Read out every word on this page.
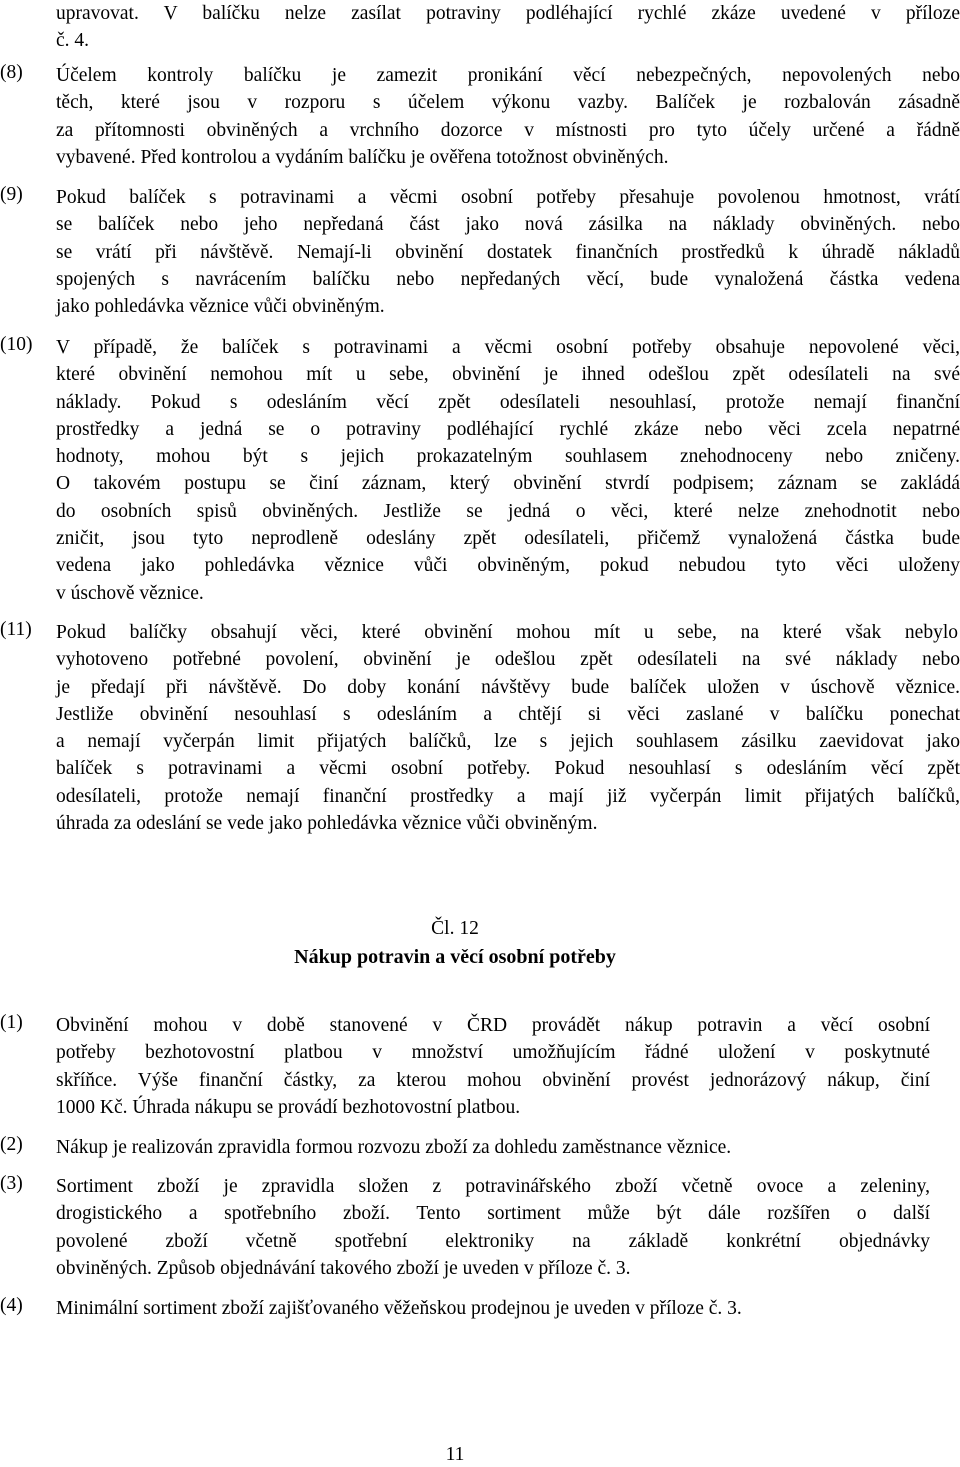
upravovat. V balíčku nelze zasílat potraviny podléhající rychlé zkáze uvedené v příloze
č. 4.
(8) Účelem kontroly balíčku je zamezit pronikání věcí nebezpečných, nepovolených nebo
těch, které jsou v rozporu s účelem výkonu vazby. Balíček je rozbalován zásadně
za přítomnosti obviněných a vrchního dozorce v místnosti pro tyto účely určené a řádně
vybavené. Před kontrolou a vydáním balíčku je ověřena totožnost obviněných.
(9) Pokud balíček s potravinami a věcmi osobní potřeby přesahuje povolenou hmotnost, vrátí
se balíček nebo jeho nepředaná část jako nová zásilka na náklady obviněných. nebo
se vrátí při návštěvě. Nemají-li obvinění dostatek finančních prostředků k úhradě nákladů
spojených s navrácením balíčku nebo nepředaných věcí, bude vynaložená částka vedena
jako pohledávka věznice vůči obviněným.
(10) V případě, že balíček s potravinami a věcmi osobní potřeby obsahuje nepovolené věci,
které obvinění nemohou mít u sebe, obvinění je ihned odešlou zpět odesílateli na své
náklady. Pokud s odesláním věcí zpět odesílateli nesouhlasí, protože nemají finanční
prostředky a jedná se o potraviny podléhající rychlé zkáze nebo věci zcela nepatrné
hodnoty, mohou být s jejich prokazatelným souhlasem znehodnoceny nebo zničeny.
O takovém postupu se činí záznam, který obvinění stvrdí podpisem; záznam se zakládá
do osobních spisů obviněných. Jestliže se jedná o věci, které nelze znehodnotit nebo
zničit, jsou tyto neprodleně odeslány zpět odesílateli, přičemž vynaložená částka bude
vedena jako pohledávka věznice vůči obviněným, pokud nebudou tyto věci uloženy
v úschově věznice.
(11) Pokud balíčky obsahují věci, které obvinění mohou mít u sebe, na které však nebylo
vyhotoveno potřebné povolení, obvinění je odešlou zpět odesílateli na své náklady nebo
je předají při návštěvě. Do doby konání návštěvy bude balíček uložen v úschově věznice.
Jestliže obvinění nesouhlasí s odesláním a chtějí si věci zaslané v balíčku ponechat
a nemají vyčerpán limit přijatých balíčků, lze s jejich souhlasem zásilku zaevidovat jako
balíček s potravinami a věcmi osobní potřeby. Pokud nesouhlasí s odesláním věcí zpět
odesílateli, protože nemají finanční prostředky a mají již vyčerpán limit přijatých balíčků,
úhrada za odeslání se vede jako pohledávka věznice vůči obviněným.
Čl. 12
Nákup potravin a věcí osobní potřeby
(1) Obvinění mohou v době stanovené v ČRD provádět nákup potravin a věcí osobní
potřeby bezhotovostní platbou v množství umožňujícím řádné uložení v poskytnuté
skříňce. Výše finanční částky, za kterou mohou obvinění provést jednorázový nákup, činí
1000 Kč. Úhrada nákupu se provádí bezhotovostní platbou.
(2) Nákup je realizován zpravidla formou rozvozu zboží za dohledu zaměstnance věznice.
(3) Sortiment zboží je zpravidla složen z potravinářského zboží včetně ovoce a zeleniny,
drogistického a spotřebního zboží. Tento sortiment může být dále rozšířen o další
povolené zboží včetně spotřební elektroniky na základě konkrétní objednávky
obviněných. Způsob objednávání takového zboží je uveden v příloze č. 3.
(4) Minimální sortiment zboží zajišťovaného věžeňskou prodejnou je uveden v příloze č. 3.
11
